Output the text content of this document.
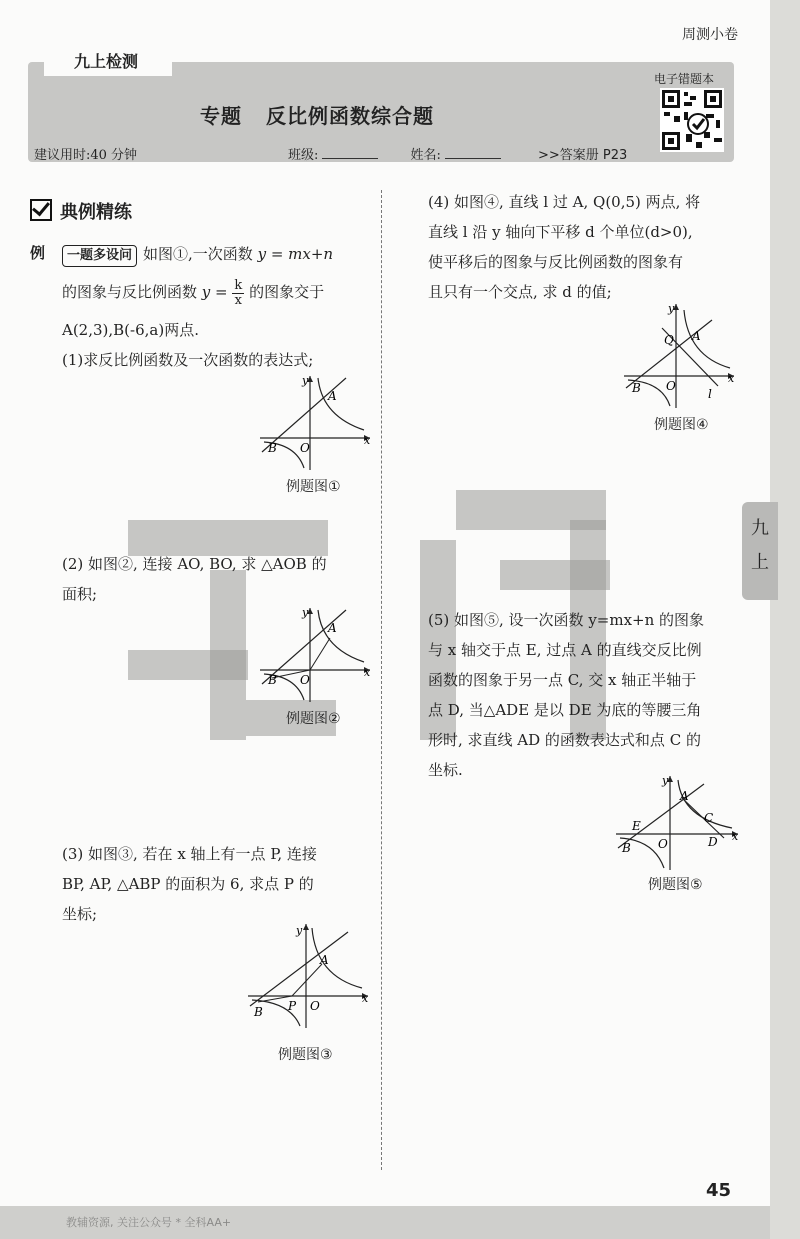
周测小卷
九上检测
专题 反比例函数综合题
建议用时:40 分钟	班级:	姓名:	>>答案册 P23
电子错题本
典例精练
例	一题多设问 如图①,一次函数 y = mx+n
的图象与反比例函数 $y = \frac{k}{x}$ 的图象交于
A(2,3),B(-6,a)两点.
(1)求反比例函数及一次函数的表达式;
y
A
B O
x
例题图①
(2) 如图②, 连接 AO, BO, 求 △AOB 的
面积;
y
A
B O
x
例题图②
(3) 如图③, 若在 x 轴上有一点 P, 连接
BP, AP, △ABP 的面积为 6, 求点 P 的
坐标;
y
A
B P O
x
例题图③
(4) 如图④, 直线 l 过 A, Q(0,5) 两点, 将
直线 l 沿 y 轴向下平移 d 个单位(d>0),
使平移后的图象与反比例函数的图象有
且只有一个交点, 求 d 的值;
y
Q A
B O
l
x
例题图④
(5) 如图⑤, 设一次函数 y=mx+n 的图象
与 x 轴交于点 E, 过点 A 的直线交反比例
函数的图象于另一点 C, 交 x 轴正半轴于
点 D, 当△ADE 是以 DE 为底的等腰三角
形时, 求直线 AD 的函数表达式和点 C 的
坐标.
y
A
E
C
B O	D x
例题图⑤
九
上
45
教辅资源, 关注公众号 * 全科AA+
